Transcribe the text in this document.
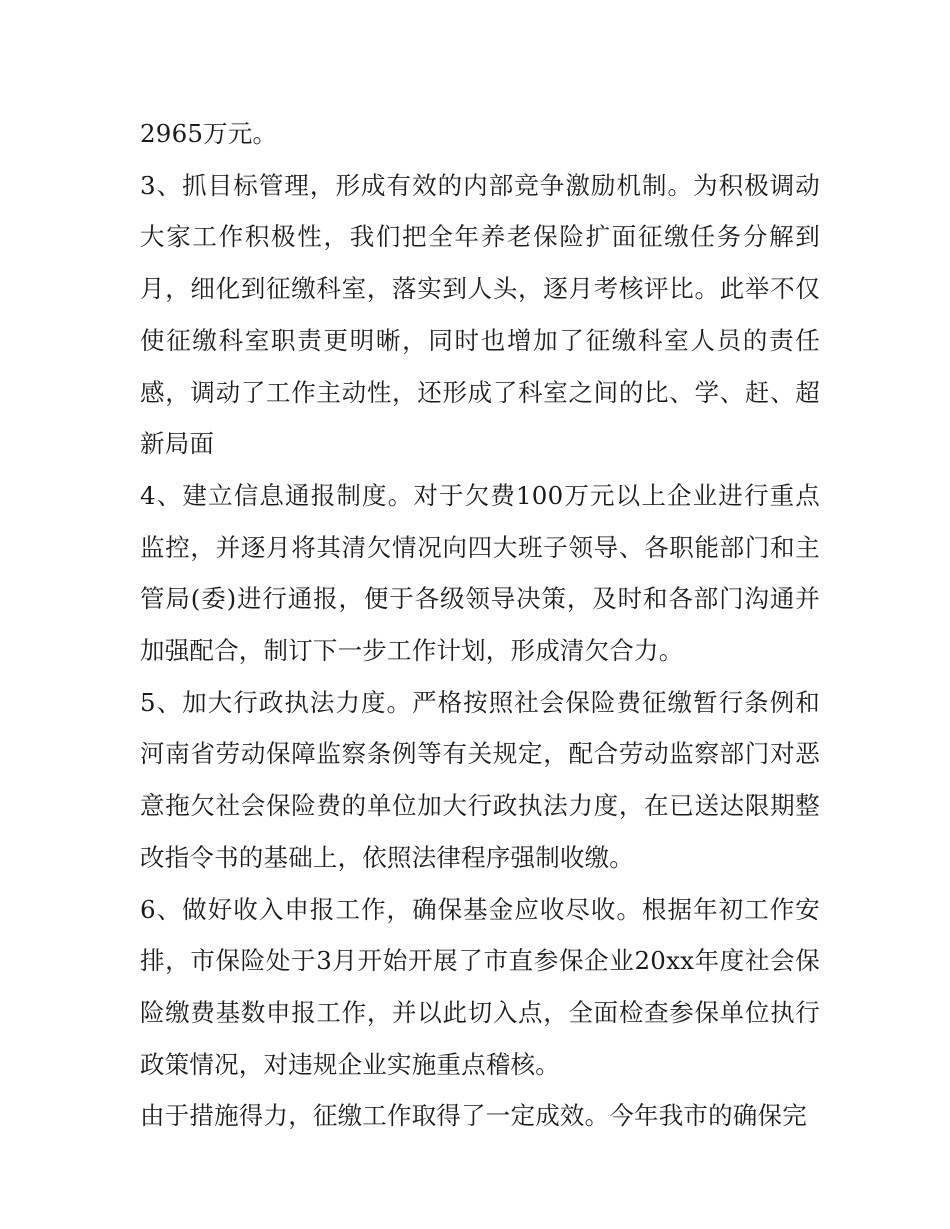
2965万元。

3、抓目标管理，形成有效的内部竞争激励机制。为积极调动大家工作积极性，我们把全年养老保险扩面征缴任务分解到月，细化到征缴科室，落实到人头，逐月考核评比。此举不仅使征缴科室职责更明晰，同时也增加了征缴科室人员的责任感，调动了工作主动性，还形成了科室之间的比、学、赶、超新局面

4、建立信息通报制度。对于欠费100万元以上企业进行重点监控，并逐月将其清欠情况向四大班子领导、各职能部门和主管局(委)进行通报，便于各级领导决策，及时和各部门沟通并加强配合，制订下一步工作计划，形成清欠合力。

5、加大行政执法力度。严格按照社会保险费征缴暂行条例和河南省劳动保障监察条例等有关规定，配合劳动监察部门对恶意拖欠社会保险费的单位加大行政执法力度，在已送达限期整改指令书的基础上，依照法律程序强制收缴。

6、做好收入申报工作，确保基金应收尽收。根据年初工作安排，市保险处于3月开始开展了市直参保企业20xx年度社会保险缴费基数申报工作，并以此切入点，全面检查参保单位执行政策情况，对违规企业实施重点稽核。

由于措施得力，征缴工作取得了一定成效。今年我市的确保完
